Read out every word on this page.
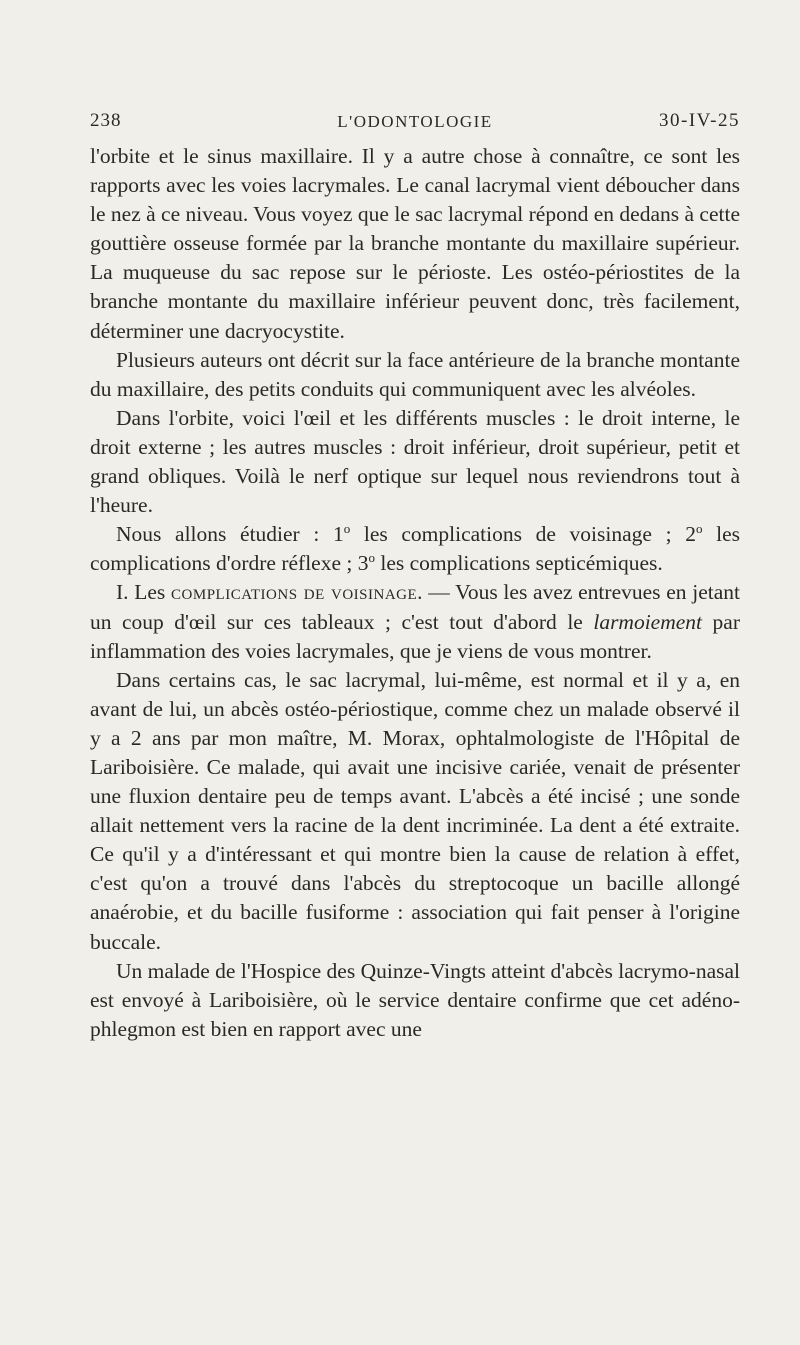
238	L'ODONTOLOGIE	30-IV-25

l'orbite et le sinus maxillaire. Il y a autre chose à connaître, ce sont les rapports avec les voies lacrymales. Le canal lacrymal vient déboucher dans le nez à ce niveau. Vous voyez que le sac lacrymal répond en dedans à cette gouttière osseuse formée par la branche montante du maxillaire supérieur. La muqueuse du sac repose sur le périoste. Les ostéo-périostites de la branche montante du maxillaire inférieur peuvent donc, très facilement, déterminer une dacryocystite.

Plusieurs auteurs ont décrit sur la face antérieure de la branche montante du maxillaire, des petits conduits qui communiquent avec les alvéoles.

Dans l'orbite, voici l'œil et les différents muscles : le droit interne, le droit externe ; les autres muscles : droit inférieur, droit supérieur, petit et grand obliques. Voilà le nerf optique sur lequel nous reviendrons tout à l'heure.

Nous allons étudier : 1$^o$ les complications de voisinage ; 2$^o$ les complications d'ordre réflexe ; 3$^o$ les complications septicémiques.

I. Les complications de voisinage. — Vous les avez entrevues en jetant un coup d'œil sur ces tableaux ; c'est tout d'abord le larmoiement par inflammation des voies lacrymales, que je viens de vous montrer.

Dans certains cas, le sac lacrymal, lui-même, est normal et il y a, en avant de lui, un abcès ostéo-périostique, comme chez un malade observé il y a 2 ans par mon maître, M. Morax, ophtalmologiste de l'Hôpital de Lariboisière. Ce malade, qui avait une incisive cariée, venait de présenter une fluxion dentaire peu de temps avant. L'abcès a été incisé ; une sonde allait nettement vers la racine de la dent incriminée. La dent a été extraite. Ce qu'il y a d'intéressant et qui montre bien la cause de relation à effet, c'est qu'on a trouvé dans l'abcès du streptocoque un bacille allongé anaérobie, et du bacille fusiforme : association qui fait penser à l'origine buccale.

Un malade de l'Hospice des Quinze-Vingts atteint d'abcès lacrymo-nasal est envoyé à Lariboisière, où le service dentaire confirme que cet adéno-phlegmon est bien en rapport avec une
